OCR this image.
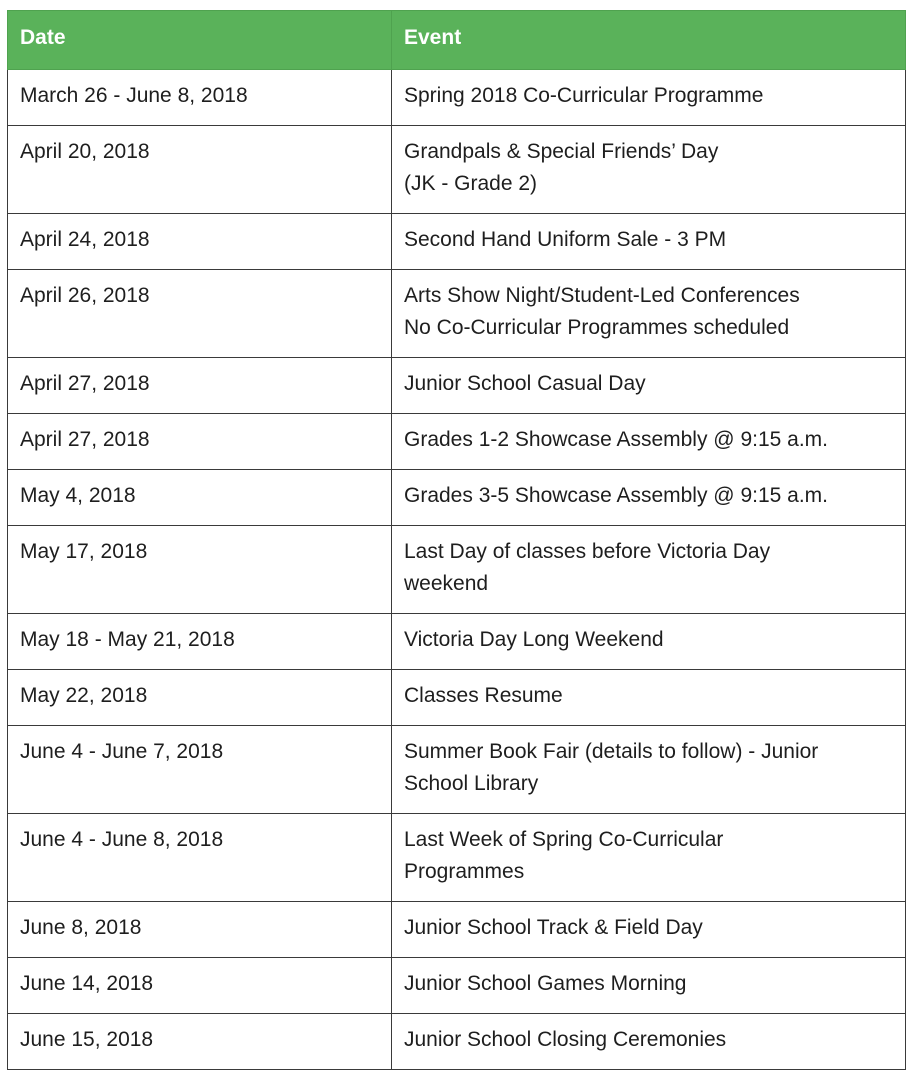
Date	Event
March 26 - June 8, 2018	Spring 2018 Co-Curricular Programme

April 20, 2018	Grandpals & Special Friends’ Day
(JK - Grade 2)

April 24, 2018	Second Hand Uniform Sale - 3 PM

April 26, 2018	Arts Show Night/Student-Led Conferences
No Co-Curricular Programmes scheduled

April 27, 2018	Junior School Casual Day

April 27, 2018	Grades 1-2 Showcase Assembly @ 9:15 a.m.

May 4, 2018	Grades 3-5 Showcase Assembly @ 9:15 a.m.

May 17, 2018	Last Day of classes before Victoria Day
weekend

May 18 - May 21, 2018	Victoria Day Long Weekend

May 22, 2018	Classes Resume

June 4 - June 7, 2018	Summer Book Fair (details to follow) - Junior
School Library

June 4 - June 8, 2018	Last Week of Spring Co-Curricular
Programmes

June 8, 2018	Junior School Track & Field Day

June 14, 2018	Junior School Games Morning

June 15, 2018	Junior School Closing Ceremonies
